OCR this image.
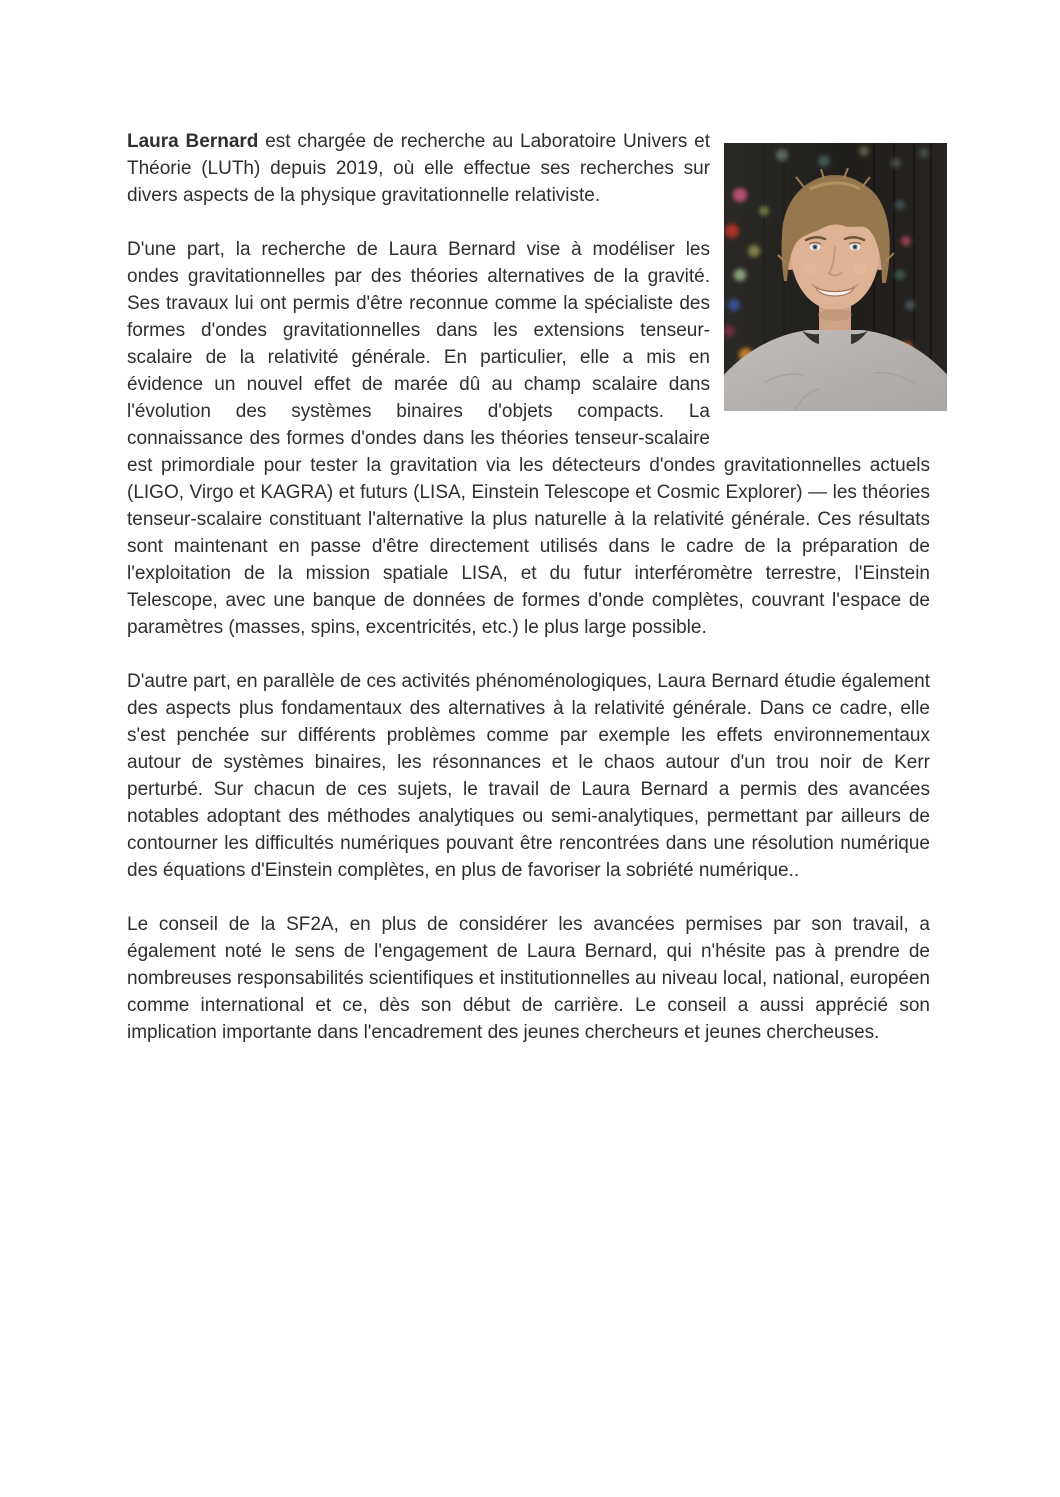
Laura Bernard est chargée de recherche au Laboratoire Univers et Théorie (LUTh) depuis 2019, où elle effectue ses recherches sur divers aspects de la physique gravitationnelle relativiste.

D'une part, la recherche de Laura Bernard vise à modéliser les ondes gravitationnelles par des théories alternatives de la gravité. Ses travaux lui ont permis d'être reconnue comme la spécialiste des formes d'ondes gravitationnelles dans les extensions tenseur-scalaire de la relativité générale. En particulier, elle a mis en évidence un nouvel effet de marée dû au champ scalaire dans l'évolution des systèmes binaires d'objets compacts. La connaissance des formes d'ondes dans les théories tenseur-scalaire est primordiale pour tester la gravitation via les détecteurs d'ondes gravitationnelles actuels (LIGO, Virgo et KAGRA) et futurs (LISA, Einstein Telescope et Cosmic Explorer) — les théories tenseur-scalaire constituant l'alternative la plus naturelle à la relativité générale. Ces résultats sont maintenant en passe d'être directement utilisés dans le cadre de la préparation de l'exploitation de la mission spatiale LISA, et du futur interféromètre terrestre, l'Einstein Telescope, avec une banque de données de formes d'onde complètes, couvrant l'espace de paramètres (masses, spins, excentricités, etc.) le plus large possible.

D'autre part, en parallèle de ces activités phénoménologiques, Laura Bernard étudie également des aspects plus fondamentaux des alternatives à la relativité générale. Dans ce cadre, elle s'est penchée sur différents problèmes comme par exemple les effets environnementaux autour de systèmes binaires, les résonnances et le chaos autour d'un trou noir de Kerr perturbé. Sur chacun de ces sujets, le travail de Laura Bernard a permis des avancées notables adoptant des méthodes analytiques ou semi-analytiques, permettant par ailleurs de contourner les difficultés numériques pouvant être rencontrées dans une résolution numérique des équations d'Einstein complètes, en plus de favoriser la sobriété numérique..

Le conseil de la SF2A, en plus de considérer les avancées permises par son travail, a également noté le sens de l'engagement de Laura Bernard, qui n'hésite pas à prendre de nombreuses responsabilités scientifiques et institutionnelles au niveau local, national, européen comme international et ce, dès son début de carrière. Le conseil a aussi apprécié son implication importante dans l'encadrement des jeunes chercheurs et jeunes chercheuses.
